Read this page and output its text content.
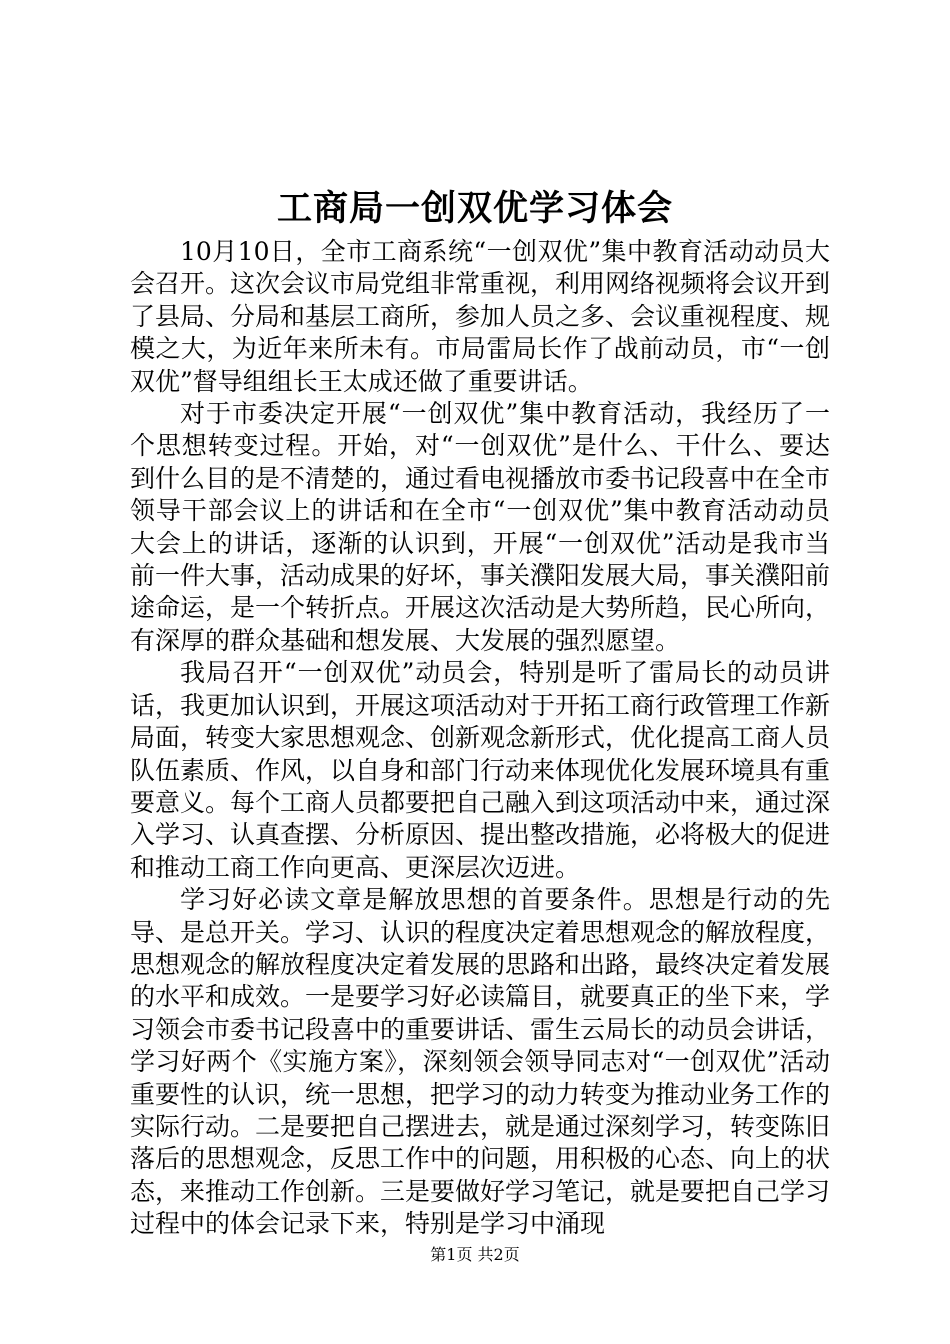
工商局一创双优学习体会

10月10日，全市工商系统“一创双优”集中教育活动动员大会召开。这次会议市局党组非常重视，利用网络视频将会议开到了县局、分局和基层工商所，参加人员之多、会议重视程度、规模之大，为近年来所未有。市局雷局长作了战前动员，市“一创双优”督导组组长王太成还做了重要讲话。

对于市委决定开展“一创双优”集中教育活动，我经历了一个思想转变过程。开始，对“一创双优”是什么、干什么、要达到什么目的是不清楚的，通过看电视播放市委书记段喜中在全市领导干部会议上的讲话和在全市“一创双优”集中教育活动动员大会上的讲话，逐渐的认识到，开展“一创双优”活动是我市当前一件大事，活动成果的好坏，事关濮阳发展大局，事关濮阳前途命运，是一个转折点。开展这次活动是大势所趋，民心所向，有深厚的群众基础和想发展、大发展的强烈愿望。

我局召开“一创双优”动员会，特别是听了雷局长的动员讲话，我更加认识到，开展这项活动对于开拓工商行政管理工作新局面，转变大家思想观念、创新观念新形式，优化提高工商人员队伍素质、作风，以自身和部门行动来体现优化发展环境具有重要意义。每个工商人员都要把自己融入到这项活动中来，通过深入学习、认真查摆、分析原因、提出整改措施，必将极大的促进和推动工商工作向更高、更深层次迈进。

学习好必读文章是解放思想的首要条件。思想是行动的先导、是总开关。学习、认识的程度决定着思想观念的解放程度，思想观念的解放程度决定着发展的思路和出路，最终决定着发展的水平和成效。一是要学习好必读篇目，就要真正的坐下来，学习领会市委书记段喜中的重要讲话、雷生云局长的动员会讲话，学习好两个《实施方案》，深刻领会领导同志对“一创双优”活动重要性的认识，统一思想，把学习的动力转变为推动业务工作的实际行动。二是要把自己摆进去，就是通过深刻学习，转变陈旧落后的思想观念，反思工作中的问题，用积极的心态、向上的状态，来推动工作创新。三是要做好学习笔记，就是要把自己学习过程中的体会记录下来，特别是学习中涌现

第1页 共2页
